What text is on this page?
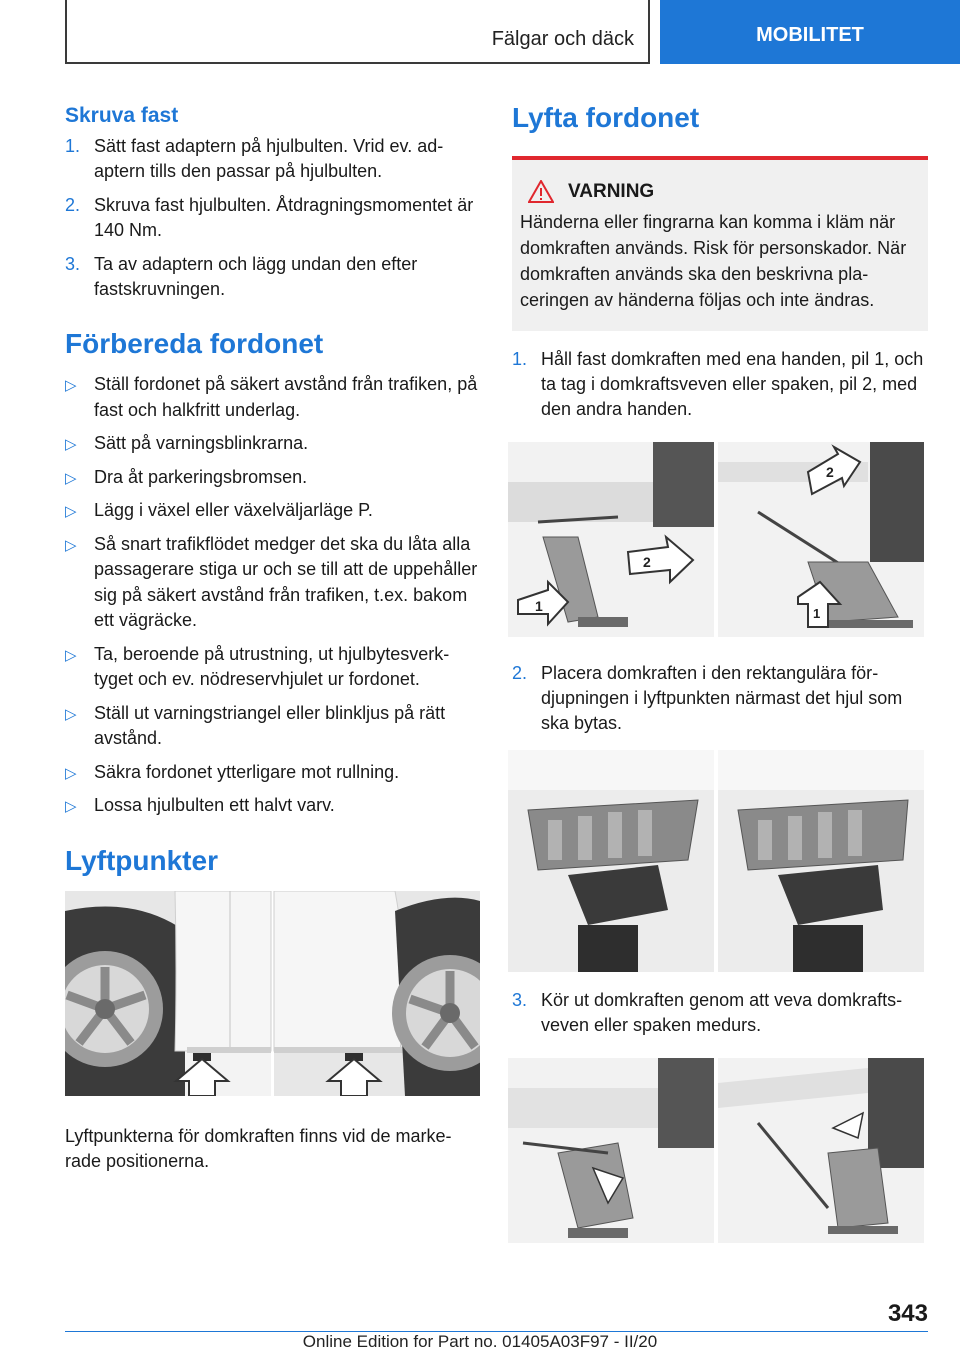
Fälgar och däck	MOBILITET
Skruva fast
1. Sätt fast adaptern på hjulbulten. Vrid ev. adaptern tills den passar på hjulbulten.
2. Skruva fast hjulbulten. Åtdragningsmomentet är 140 Nm.
3. Ta av adaptern och lägg undan den efter fastskruvningen.
Förbereda fordonet
▷ Ställ fordonet på säkert avstånd från trafiken, på fast och halkfritt underlag.
▷ Sätt på varningsblinkrarna.
▷ Dra åt parkeringsbromsen.
▷ Lägg i växel eller växelväljarläge P.
▷ Så snart trafikflödet medger det ska du låta alla passagerare stiga ur och se till att de uppehåller sig på säkert avstånd från trafiken, t.ex. bakom ett vägräcke.
▷ Ta, beroende på utrustning, ut hjulbytesverktyget och ev. nödreservhjulet ur fordonet.
▷ Ställ ut varningstriangel eller blinkljus på rätt avstånd.
▷ Säkra fordonet ytterligare mot rullning.
▷ Lossa hjulbulten ett halvt varv.
Lyftpunkter

Lyftpunkterna för domkraften finns vid de markerade positionerna.

Lyfta fordonet
VARNING
Händerna eller fingrarna kan komma i kläm när domkraften används. Risk för personskador. När domkraften används ska den beskrivna placeringen av händerna följas och inte ändras.
1. Håll fast domkraften med ena handen, pil 1, och ta tag i domkraftsveven eller spaken, pil 2, med den andra handen.
1
2
2
1
2. Placera domkraften i den rektangulära fördjupningen i lyftpunkten närmast det hjul som ska bytas.
3. Kör ut domkraften genom att veva domkraftsveven eller spaken medurs.
343
Online Edition for Part no. 01405A03F97 - II/20
